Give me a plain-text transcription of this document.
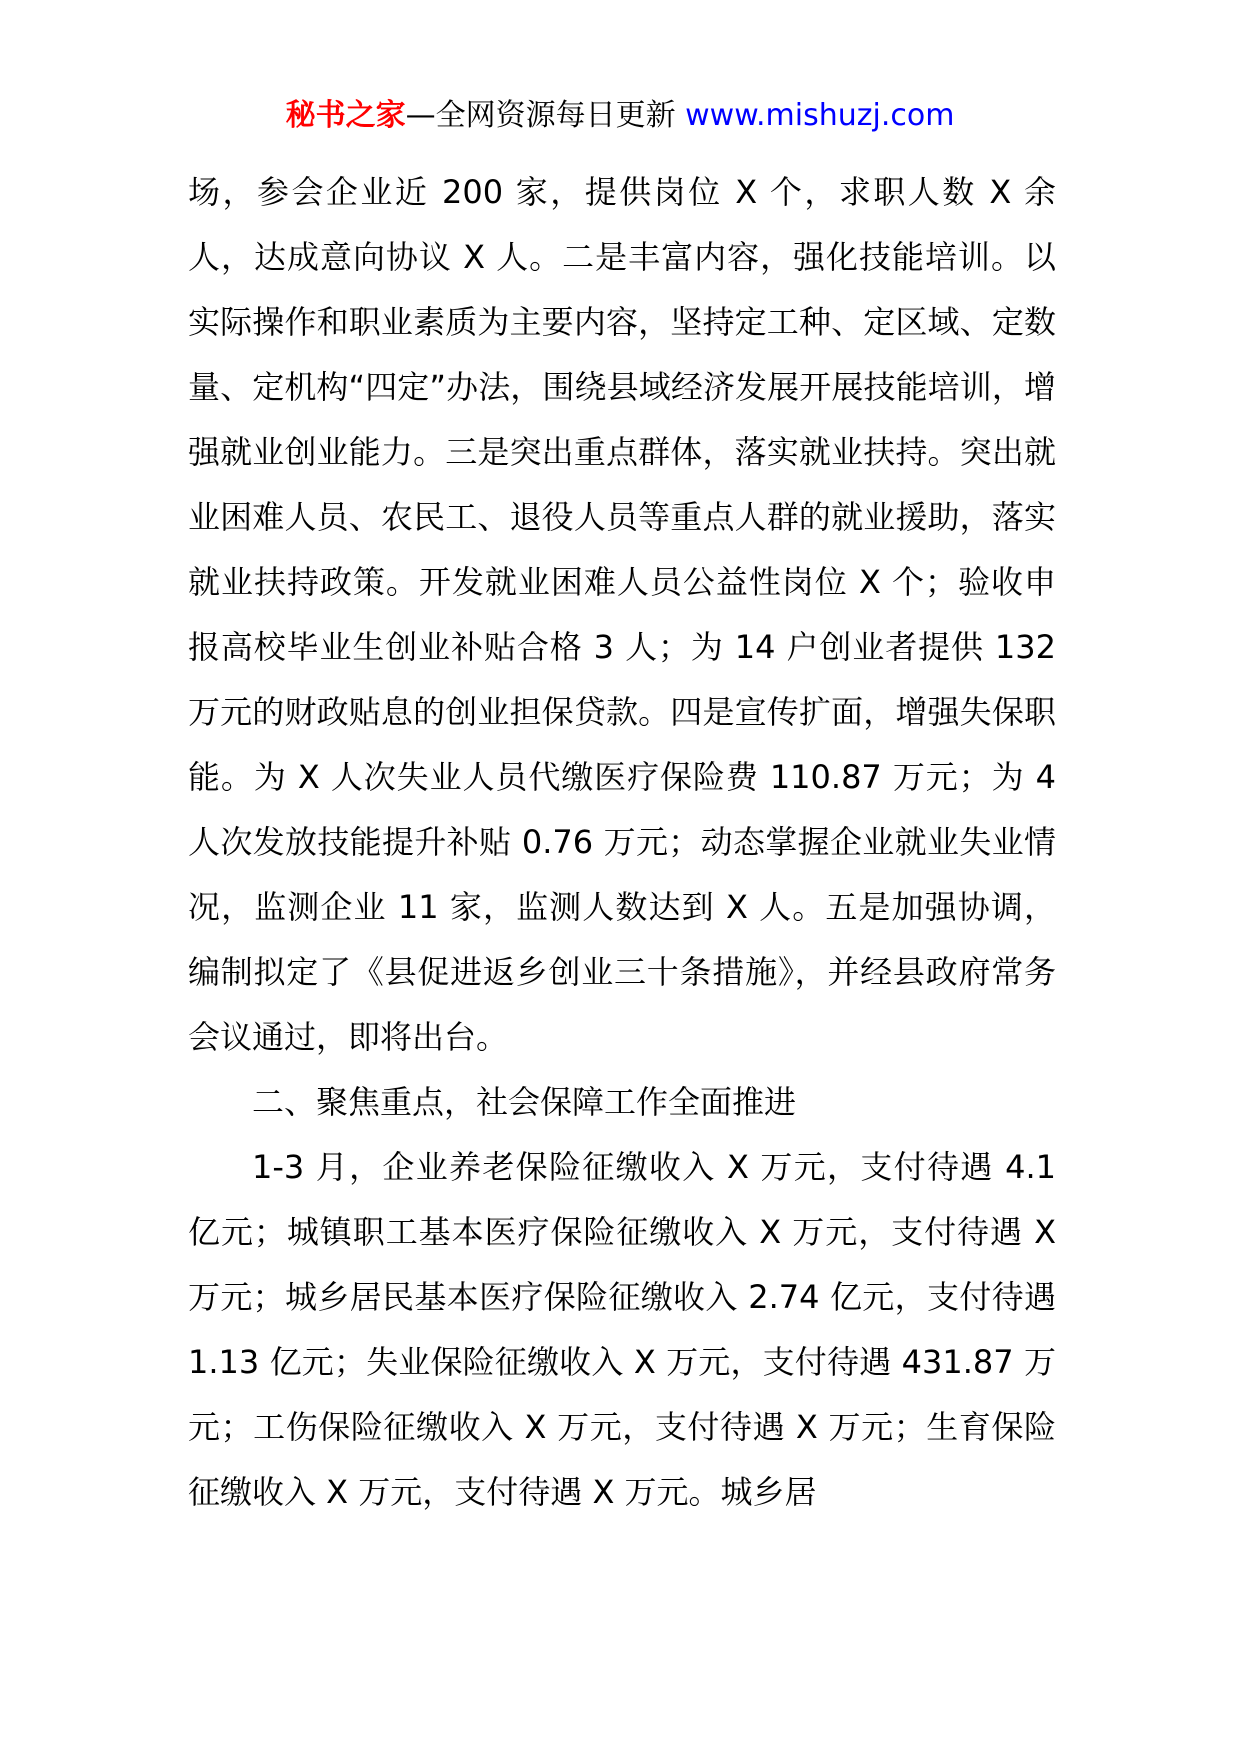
秘书之家—全网资源每日更新 www.mishuzj.com

场，参会企业近 200 家，提供岗位 X 个，求职人数 X 余人，达成意向协议 X 人。二是丰富内容，强化技能培训。以实际操作和职业素质为主要内容，坚持定工种、定区域、定数量、定机构“四定”办法，围绕县域经济发展开展技能培训，增强就业创业能力。三是突出重点群体，落实就业扶持。突出就业困难人员、农民工、退役人员等重点人群的就业援助，落实就业扶持政策。开发就业困难人员公益性岗位 X 个；验收申报高校毕业生创业补贴合格 3 人；为 14 户创业者提供 132 万元的财政贴息的创业担保贷款。四是宣传扩面，增强失保职能。为 X 人次失业人员代缴医疗保险费 110.87 万元；为 4 人次发放技能提升补贴 0.76 万元；动态掌握企业就业失业情况，监测企业 11 家，监测人数达到 X 人。五是加强协调，编制拟定了《县促进返乡创业三十条措施》，并经县政府常务会议通过，即将出台。

二、聚焦重点，社会保障工作全面推进

1-3 月，企业养老保险征缴收入 X 万元，支付待遇 4.1 亿元；城镇职工基本医疗保险征缴收入 X 万元，支付待遇 X 万元；城乡居民基本医疗保险征缴收入 2.74 亿元，支付待遇 1.13 亿元；失业保险征缴收入 X 万元，支付待遇 431.87 万元；工伤保险征缴收入 X 万元，支付待遇 X 万元；生育保险征缴收入 X 万元，支付待遇 X 万元。城乡居
